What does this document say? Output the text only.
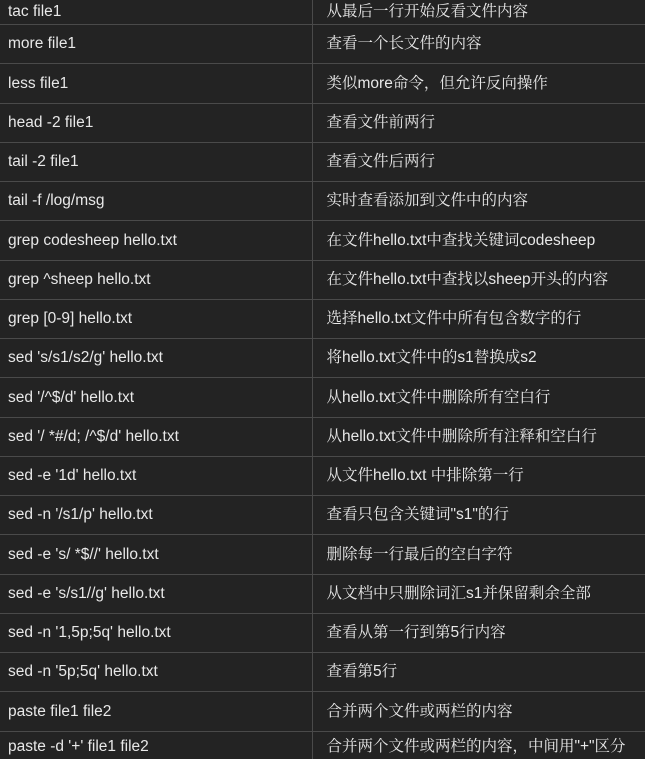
tac file1	从最后一行开始反看文件内容
more file1	查看一个长文件的内容
less file1	类似more命令，但允许反向操作
head -2 file1	查看文件前两行
tail -2 file1	查看文件后两行
tail -f /log/msg	实时查看添加到文件中的内容
grep codesheep hello.txt	在文件hello.txt中查找关键词codesheep
grep ^sheep hello.txt	在文件hello.txt中查找以sheep开头的内容
grep [0-9] hello.txt	选择hello.txt文件中所有包含数字的行
sed 's/s1/s2/g' hello.txt	将hello.txt文件中的s1替换成s2
sed '/^$/d' hello.txt	从hello.txt文件中删除所有空白行
sed '/ *#/d; /^$/d' hello.txt	从hello.txt文件中删除所有注释和空白行
sed -e '1d' hello.txt	从文件hello.txt 中排除第一行
sed -n '/s1/p' hello.txt	查看只包含关键词"s1"的行
sed -e 's/ *$//' hello.txt	删除每一行最后的空白字符
sed -e 's/s1//g' hello.txt	从文档中只删除词汇s1并保留剩余全部
sed -n '1,5p;5q' hello.txt	查看从第一行到第5行内容
sed -n '5p;5q' hello.txt	查看第5行
paste file1 file2	合并两个文件或两栏的内容
paste -d '+' file1 file2	合并两个文件或两栏的内容，中间用"+"区分
